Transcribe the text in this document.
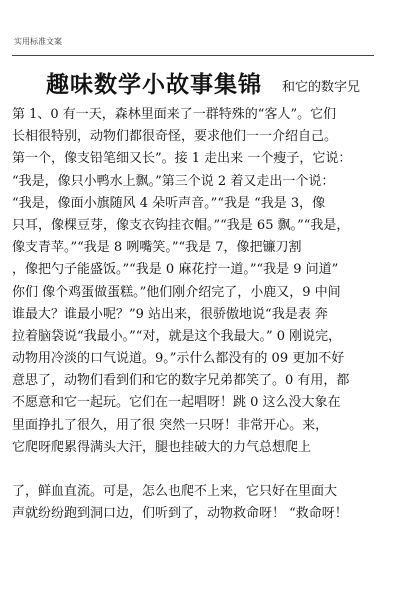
实用标准文案
趣味数学小故事集锦 和它的数字兄
第 1、0 有一天，森林里面来了一群特殊的“客人”。它们
长相很特别，动物们都很奇怪，要求他们一一介绍自己。
第一个，像支铅笔细又长”。接 1 走出来 一个瘦子，它说：
“我是，像只小鸭水上飘。”第三个说 2 着又走出一个说：
“我是，像面小旗随风 4 朵听声音。”“我是 “我是 3，像
只耳，像棵豆芽，像支衣钩挂衣帽。”“我是 65 飘。”“我是，
像支青苹。”“我是 8 咧嘴笑。”“我是 7，像把镰刀割
，像把勺子能盛饭。”“我是 0 麻花拧一道。”“我是 9 问道”
你们 像个鸡蛋做蛋糕。”他们刚介绍完了，小鹿又，9 中间
谁最大？谁最小呢？”9 站出来，很骄傲地说“我是表 奔
拉着脑袋说“我最小。”“对，就是这个我最大。” 0 刚说完，
动物用冷淡的口气说道。9。”示什么都没有的 09 更加不好
意思了，动物们看到们和它的数字兄弟都笑了。0 有用，都
不愿意和它一起玩。它们在一起唱呀！跳 0 这么没大象在
里面挣扎了很久，用了很 突然一只呀！非常开心。来，
它爬呀爬累得满头大汗，腿也挂破大的力气总想爬上
了，鲜血直流。可是，怎么也爬不上来，它只好在里面大
声就纷纷跑到洞口边，们听到了，动物救命呀！ “救命呀！
